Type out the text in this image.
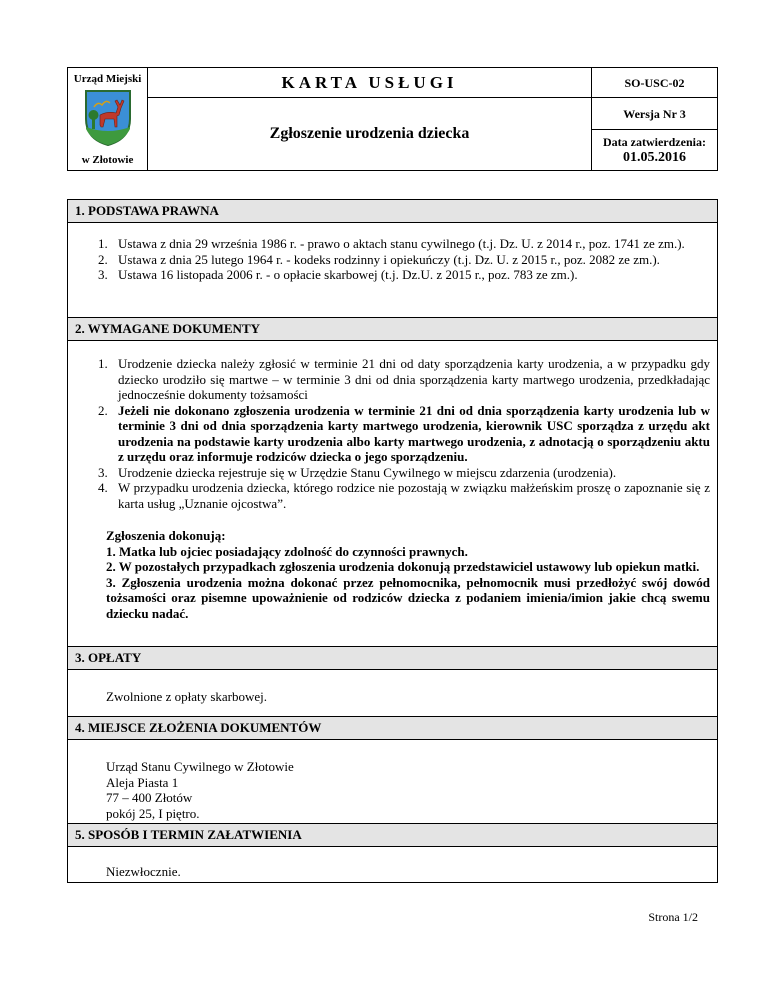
Urząd Miejski
w Złotowie	KARTA USŁUGI	SO-USC-02
	Zgłoszenie urodzenia dziecka	Wersja Nr 3

		Data zatwierdzenia:
01.05.2016
1. PODSTAWA PRAWNA
1. Ustawa z dnia 29 września 1986 r. - prawo o aktach stanu cywilnego (t.j. Dz. U. z 2014 r., poz. 1741 ze zm.).
2. Ustawa z dnia 25 lutego 1964 r. - kodeks rodzinny i opiekuńczy (t.j. Dz. U. z 2015 r., poz. 2082 ze zm.).
3. Ustawa 16 listopada 2006 r. - o opłacie skarbowej (t.j. Dz.U. z 2015 r., poz. 783 ze zm.).
2. WYMAGANE DOKUMENTY
1. Urodzenie dziecka należy zgłosić w terminie 21 dni od daty sporządzenia karty urodzenia, a w przypadku gdy dziecko urodziło się martwe – w terminie 3 dni od dnia sporządzenia karty martwego urodzenia, przedkładając jednocześnie dokumenty tożsamości
2. Jeżeli nie dokonano zgłoszenia urodzenia w terminie 21 dni od dnia sporządzenia karty urodzenia lub w terminie 3 dni od dnia sporządzenia karty martwego urodzenia, kierownik USC sporządza z urzędu akt urodzenia na podstawie karty urodzenia albo karty martwego urodzenia, z adnotacją o sporządzeniu aktu z urzędu oraz informuje rodziców dziecka o jego sporządzeniu.
3. Urodzenie dziecka rejestruje się w Urzędzie Stanu Cywilnego w miejscu zdarzenia (urodzenia).
4. W przypadku urodzenia dziecka, którego rodzice nie pozostają w związku małżeńskim proszę o zapoznanie się z karta usług „Uznanie ojcostwa”.
Zgłoszenia dokonują:
1. Matka lub ojciec posiadający zdolność do czynności prawnych.
2. W pozostałych przypadkach zgłoszenia urodzenia dokonują przedstawiciel ustawowy lub opiekun matki.
3. Zgłoszenia urodzenia można dokonać przez pełnomocnika, pełnomocnik musi przedłożyć swój dowód tożsamości oraz pisemne upoważnienie od rodziców dziecka z podaniem imienia/imion jakie chcą swemu dziecku nadać.
3. OPŁATY
Zwolnione z opłaty skarbowej.
4. MIEJSCE ZŁOŻENIA DOKUMENTÓW
Urząd Stanu Cywilnego w Złotowie
Aleja Piasta 1
77 – 400 Złotów
pokój 25, I piętro.
5. SPOSÓB I TERMIN ZAŁATWIENIA
Niezwłocznie.
Strona 1/2
